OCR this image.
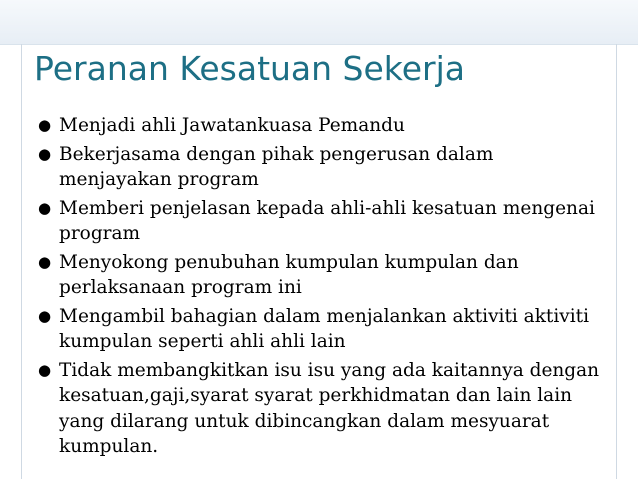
Peranan Kesatuan Sekerja
● Menjadi ahli Jawatankuasa Pemandu
● Bekerjasama dengan pihak pengerusan dalam menjayakan program
● Memberi penjelasan kepada ahli-ahli kesatuan mengenai program
● Menyokong penubuhan kumpulan kumpulan dan perlaksanaan program ini
● Mengambil bahagian dalam menjalankan aktiviti aktiviti kumpulan seperti ahli ahli lain
● Tidak membangkitkan isu isu yang ada kaitannya dengan kesatuan,gaji,syarat syarat perkhidmatan dan lain lain yang dilarang untuk dibincangkan dalam mesyuarat kumpulan.
